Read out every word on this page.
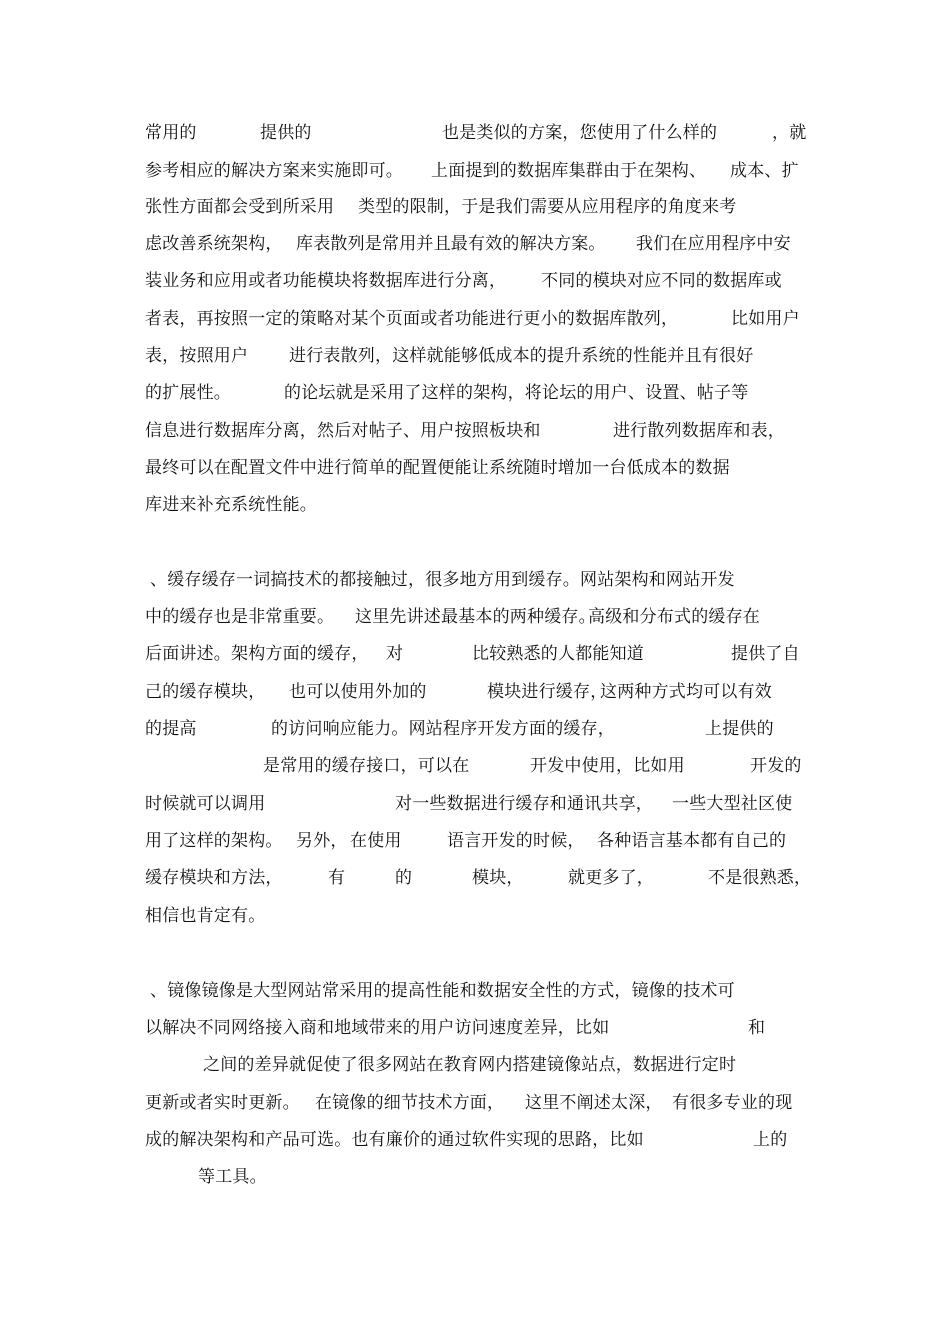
常用的	提供的	也是类似的方案，您使用了什么样的	，就
参考相应的解决方案来实施即可。 上面提到的数据库集群由于在架构、 成本、扩
张性方面都会受到所采用 类型的限制，于是我们需要从应用程序的角度来考
虑改善系统架构， 库表散列是常用并且最有效的解决方案。 我们在应用程序中安
装业务和应用或者功能模块将数据库进行分离， 不同的模块对应不同的数据库或
者表，再按照一定的策略对某个页面或者功能进行更小的数据库散列，	比如用户
表，按照用户 进行表散列，这样就能够低成本的提升系统的性能并且有很好
的扩展性。	的论坛就是采用了这样的架构，将论坛的用户、设置、帖子等
信息进行数据库分离，然后对帖子、用户按照板块和	进行散列数据库和表，
最终可以在配置文件中进行简单的配置便能让系统随时增加一台低成本的数据
库进来补充系统性能。
、缓存缓存一词搞技术的都接触过，很多地方用到缓存。网站架构和网站开发
中的缓存也是非常重要。 这里先讲述最基本的两种缓存。
高级和分布式的缓存在
后面讲述。架构方面的缓存， 对	比较熟悉的人都能知道	提供了自
己的缓存模块， 也可以使用外加的	模块进行缓存，
这两种方式均可以有效
的提高	的访问响应能力。网站程序开发方面的缓存，	上提供的
是常用的缓存接口，可以在	开发中使用，比如用	开发的
时候就可以调用	对一些数据进行缓存和通讯共享， 一些大型社区使
用了这样的架构。 另外， 在使用	语言开发的时候， 各种语言基本都有自己的
缓存模块和方法，	有	的	模块，	就更多了，	不是很熟悉，
相信也肯定有。
、镜像镜像是大型网站常采用的提高性能和数据安全性的方式，镜像的技术可
以解决不同网络接入商和地域带来的用户访问速度差异，比如	和
之间的差异就促使了很多网站在教育网内搭建镜像站点，数据进行定时
更新或者实时更新。 在镜像的细节技术方面， 这里不阐述太深， 有很多专业的现
成的解决架构和产品可选。也有廉价的通过软件实现的思路，比如	上的
等工具。
